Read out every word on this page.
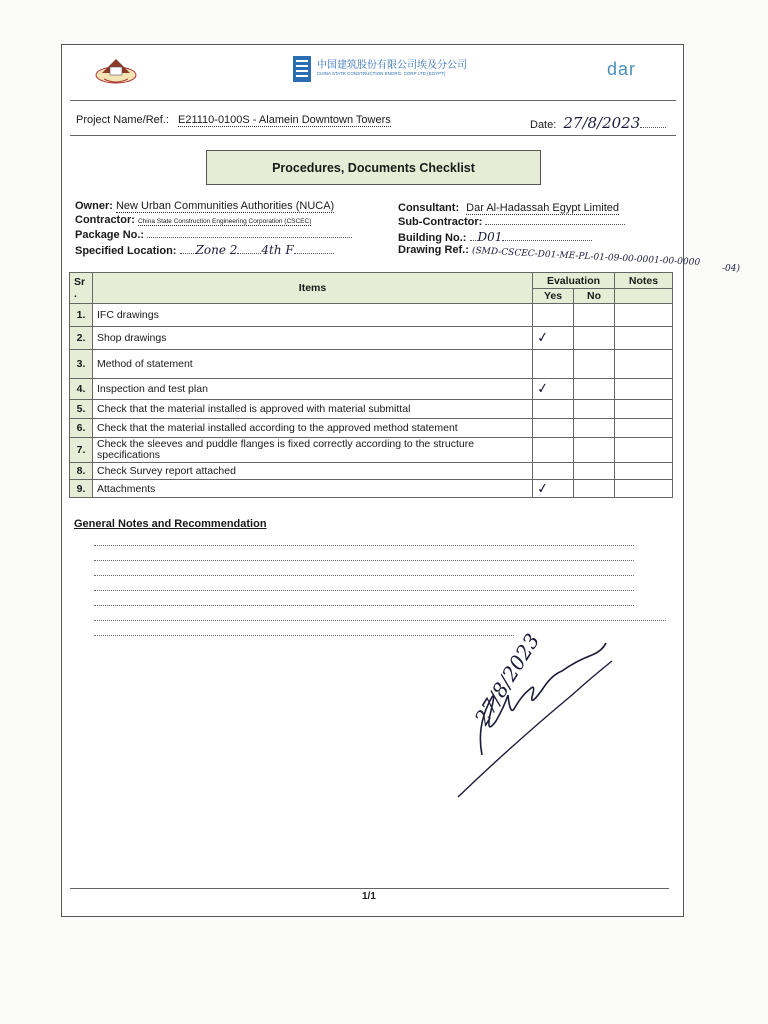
中国建筑股份有限公司埃及分公司
CHINA STATE CONSTRUCTION ENGRG. CORP LTD (EGYPT)	dar
Project Name/Ref.: E21110-0100S - Alamein Downtown Towers	Date: 27/8/2023
Procedures, Documents Checklist
Owner: New Urban Communities Authorities (NUCA)
Contractor: China State Construction Engineering Corporation (CSCEC)
Package No.:
Specified Location: Zone 2 4th F
Consultant: Dar Al-Hadassah Egypt Limited
Sub-Contractor:
Building No.: D01
Drawing Ref.: (SMD-CSCEC-D01-ME-PL-01-09-00-0001-00-0000
Sr
.	Items	Evaluation		Notes
		Yes	No	
1.	IFC drawings			
2.	Shop drawings	✓		
3.	Method of statement			
4.	Inspection and test plan	✓		
5.	Check that the material installed is approved with material submittal			
6.	Check that the material installed according to the approved method statement			
7.	Check the sleeves and puddle flanges is fixed correctly according to the structure specifications			
8.	Check Survey report attached			
9.	Attachments	✓		
General Notes and Recommendation
27/8/2023
1/1
-04)
